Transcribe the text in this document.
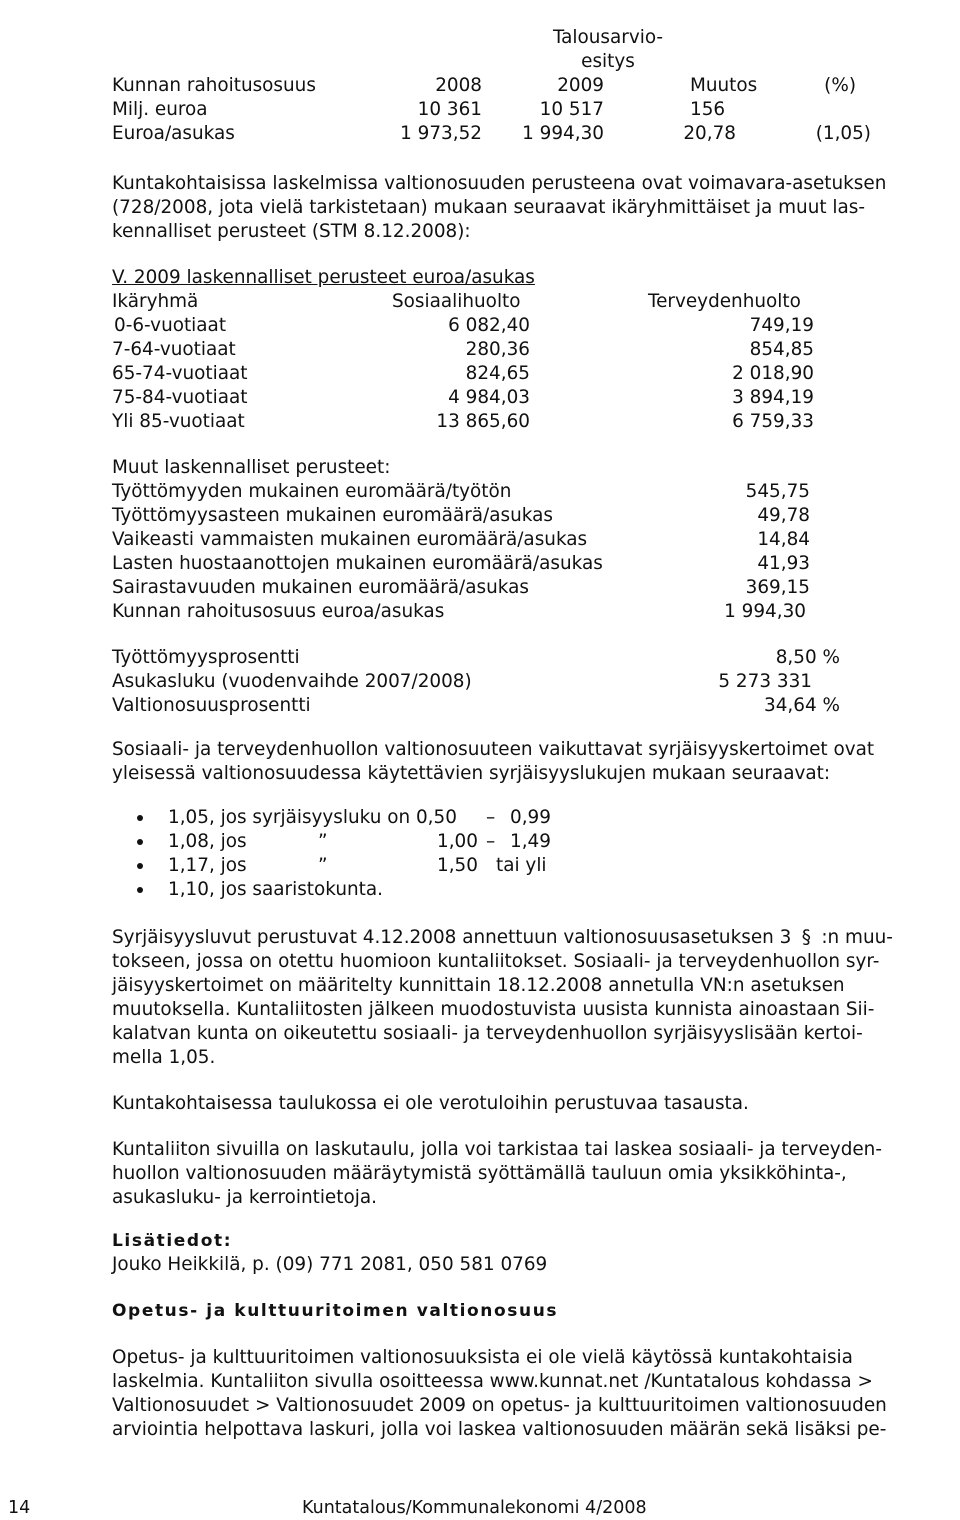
Talousarvio-
esitys
Kunnan rahoitusosuus	2008	2009	Muutos	(%)
Milj. euroa	10 361	10 517	156
Euroa/asukas	1 973,52	1 994,30	20,78	(1,05)
Kuntakohtaisissa laskelmissa valtionosuuden perusteena ovat voimavara-asetuksen
(728/2008, jota vielä tarkistetaan) mukaan seuraavat ikäryhmittäiset ja muut las-
kennalliset perusteet (STM 8.12.2008):
V. 2009 laskennalliset perusteet euroa/asukas
Ikäryhmä	Sosiaalihuolto	Terveydenhuolto
0-6-vuotiaat	6 082,40	749,19
7-64-vuotiaat	280,36	854,85
65-74-vuotiaat	824,65	2 018,90
75-84-vuotiaat	4 984,03	3 894,19
Yli 85-vuotiaat	13 865,60	6 759,33
Muut laskennalliset perusteet:
Työttömyyden mukainen euromäärä/työtön	545,75
Työttömyysasteen mukainen euromäärä/asukas	49,78
Vaikeasti vammaisten mukainen euromäärä/asukas	14,84
Lasten huostaanottojen mukainen euromäärä/asukas	41,93
Sairastavuuden mukainen euromäärä/asukas	369,15
Kunnan rahoitusosuus euroa/asukas	1 994,30
Työttömyysprosentti	8,50 %
Asukasluku (vuodenvaihde 2007/2008)	5 273 331
Valtionosuusprosentti	34,64 %
Sosiaali- ja terveydenhuollon valtionosuuteen vaikuttavat syrjäisyyskertoimet ovat
yleisessä valtionosuudessa käytettävien syrjäisyyslukujen mukaan seuraavat:
1,05, jos syrjäisyysluku on 0,50 – 0,99
1,08, jos	”	1,00 – 1,49
1,17, jos	”	1,50 tai yli
1,10, jos saaristokunta.
Syrjäisyysluvut perustuvat 4.12.2008 annettuun valtionosuusasetuksen 3 § :n muu-
tokseen, jossa on otettu huomioon kuntaliitokset. Sosiaali- ja terveydenhuollon syr-
jäisyyskertoimet on määritelty kunnittain 18.12.2008 annetulla VN:n asetuksen
muutoksella. Kuntaliitosten jälkeen muodostuvista uusista kunnista ainoastaan Sii-
kalatvan kunta on oikeutettu sosiaali- ja terveydenhuollon syrjäisyyslisään kertoi-
mella 1,05.
Kuntakohtaisessa taulukossa ei ole verotuloihin perustuvaa tasausta.
Kuntaliiton sivuilla on laskutaulu, jolla voi tarkistaa tai laskea sosiaali- ja terveyden-
huollon valtionosuuden määräytymistä syöttämällä tauluun omia yksikköhinta-,
asukasluku- ja kerrointietoja.
Lisätiedot:
Jouko Heikkilä, p. (09) 771 2081, 050 581 0769
Opetus- ja kulttuuritoimen valtionosuus
Opetus- ja kulttuuritoimen valtionosuuksista ei ole vielä käytössä kuntakohtaisia
laskelmia. Kuntaliiton sivulla osoitteessa www.kunnat.net /Kuntatalous kohdassa >
Valtionosuudet > Valtionosuudet 2009 on opetus- ja kulttuuritoimen valtionosuuden
arviointia helpottava laskuri, jolla voi laskea valtionosuuden määrän sekä lisäksi pe-
14	Kuntatalous/Kommunalekonomi 4/2008
